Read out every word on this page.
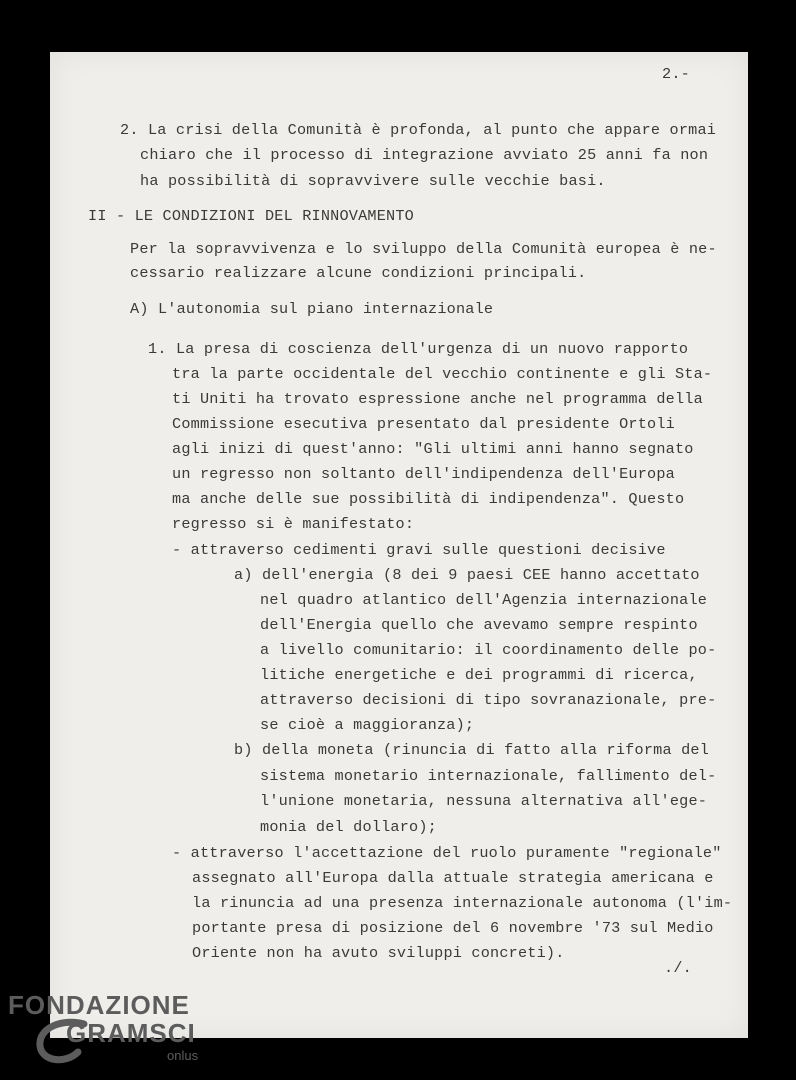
2.-
2. La crisi della Comunità è profonda, al punto che appare ormai
chiaro che il processo di integrazione avviato 25 anni fa non
ha possibilità di sopravvivere sulle vecchie basi.
II - LE CONDIZIONI DEL RINNOVAMENTO
Per la sopravvivenza e lo sviluppo della Comunità europea è ne-
cessario realizzare alcune condizioni principali.
A) L'autonomia sul piano internazionale
1. La presa di coscienza dell'urgenza di un nuovo rapporto
tra la parte occidentale del vecchio continente e gli Sta-
ti Uniti ha trovato espressione anche nel programma della
Commissione esecutiva presentato dal presidente Ortoli
agli inizi di quest'anno: "Gli ultimi anni hanno segnato
un regresso non soltanto dell'indipendenza dell'Europa
ma anche delle sue possibilità di indipendenza". Questo
regresso si è manifestato:
- attraverso cedimenti gravi sulle questioni decisive
a) dell'energia (8 dei 9 paesi CEE hanno accettato
nel quadro atlantico dell'Agenzia internazionale
dell'Energia quello che avevamo sempre respinto
a livello comunitario: il coordinamento delle po-
litiche energetiche e dei programmi di ricerca,
attraverso decisioni di tipo sovranazionale, pre-
se cioè a maggioranza);
b) della moneta (rinuncia di fatto alla riforma del
sistema monetario internazionale, fallimento del-
l'unione monetaria, nessuna alternativa all'ege-
monia del dollaro);
- attraverso l'accettazione del ruolo puramente "regionale"
assegnato all'Europa dalla attuale strategia americana e
la rinuncia ad una presenza internazionale autonoma (l'im-
portante presa di posizione del 6 novembre '73 sul Medio
Oriente non ha avuto sviluppi concreti).
./.
FONDAZIONE
GRAMSCI
onlus
